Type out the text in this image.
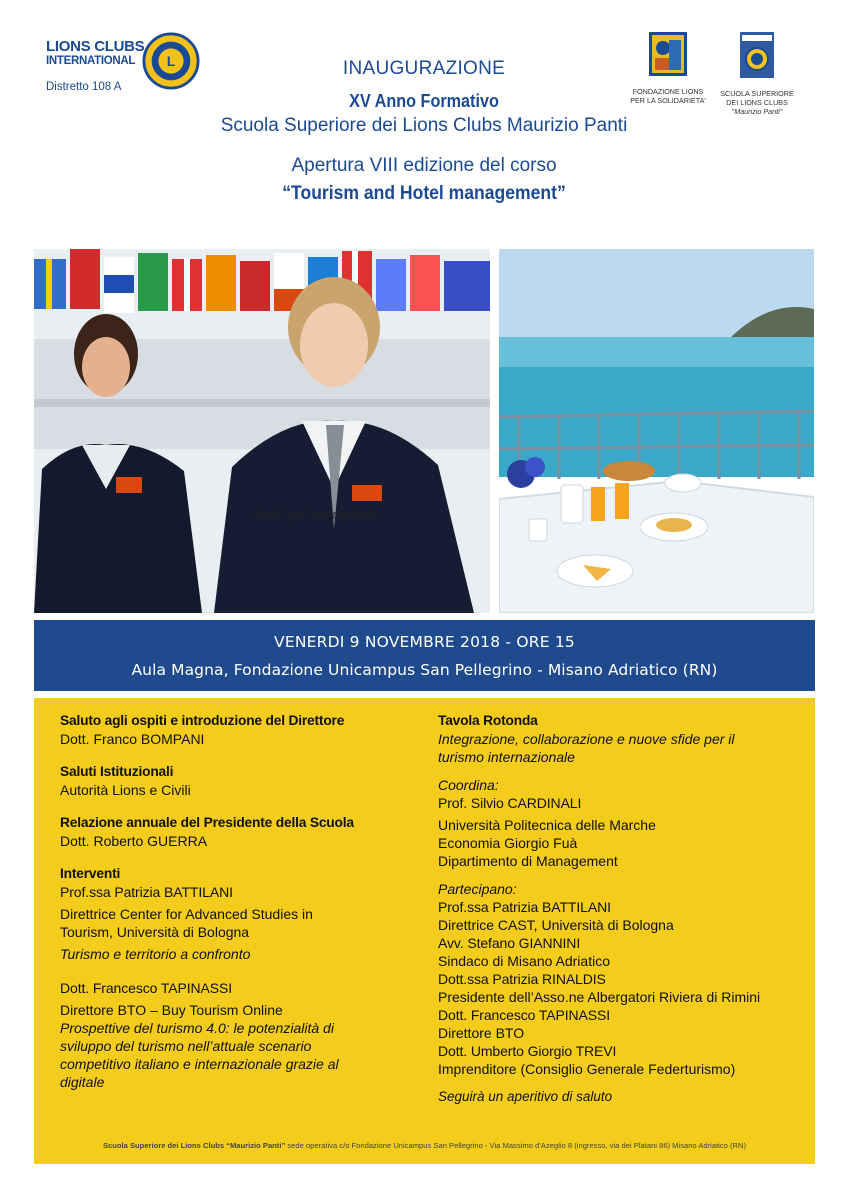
LIONS CLUBS
INTERNATIONAL	L
Distretto 108 A	FONDAZIONE LIONS
PER LA SOLIDARIETA'
SCUOLA SUPERIORE
DEI LIONS CLUBS
"Maurizio Panti"
INAUGURAZIONE
XV Anno Formativo
Scuola Superiore dei Lions Clubs Maurizio Panti
Apertura VIII edizione del corso
“Tourism and Hotel management”
Scrivi per inserire testo
VENERDI 9 NOVEMBRE 2018 - ORE 15
Aula Magna, Fondazione Unicampus San Pellegrino - Misano Adriatico (RN)
Saluto agli ospiti e introduzione del Direttore
Dott. Franco BOMPANI
Saluti Istituzionali
Autorità Lions e Civili
Relazione annuale del Presidente della Scuola
Dott. Roberto GUERRA
Interventi
Prof.ssa Patrizia BATTILANI
Direttrice Center for Advanced Studies in
Tourism, Università di Bologna
Turismo e territorio a confronto
Dott. Francesco TAPINASSI
Direttore BTO – Buy Tourism Online
Prospettive del turismo 4.0: le potenzialità di
sviluppo del turismo nell’attuale scenario
competitivo italiano e internazionale grazie al
digitale
Tavola Rotonda
Integrazione, collaborazione e nuove sfide per il
turismo internazionale
Coordina:
Prof. Silvio CARDINALI
Università Politecnica delle Marche
Economia Giorgio Fuà
Dipartimento di Management
Partecipano:
Prof.ssa Patrizia BATTILANI
Direttrice CAST, Università di Bologna
Avv. Stefano GIANNINI
Sindaco di Misano Adriatico
Dott.ssa Patrizia RINALDIS
Presidente dell’Asso.ne Albergatori Riviera di Rimini
Dott. Francesco TAPINASSI
Direttore BTO
Dott. Umberto Giorgio TREVI
Imprenditore (Consiglio Generale Federturismo)
Seguirà un aperitivo di saluto
Scuola Superiore dei Lions Clubs “Maurizio Panti” sede operativa c/o Fondazione Unicampus San Pellegrino - Via Massimo d’Azeglio 8 (ingresso, via dei Platani 86) Misano Adriatico (RN)
